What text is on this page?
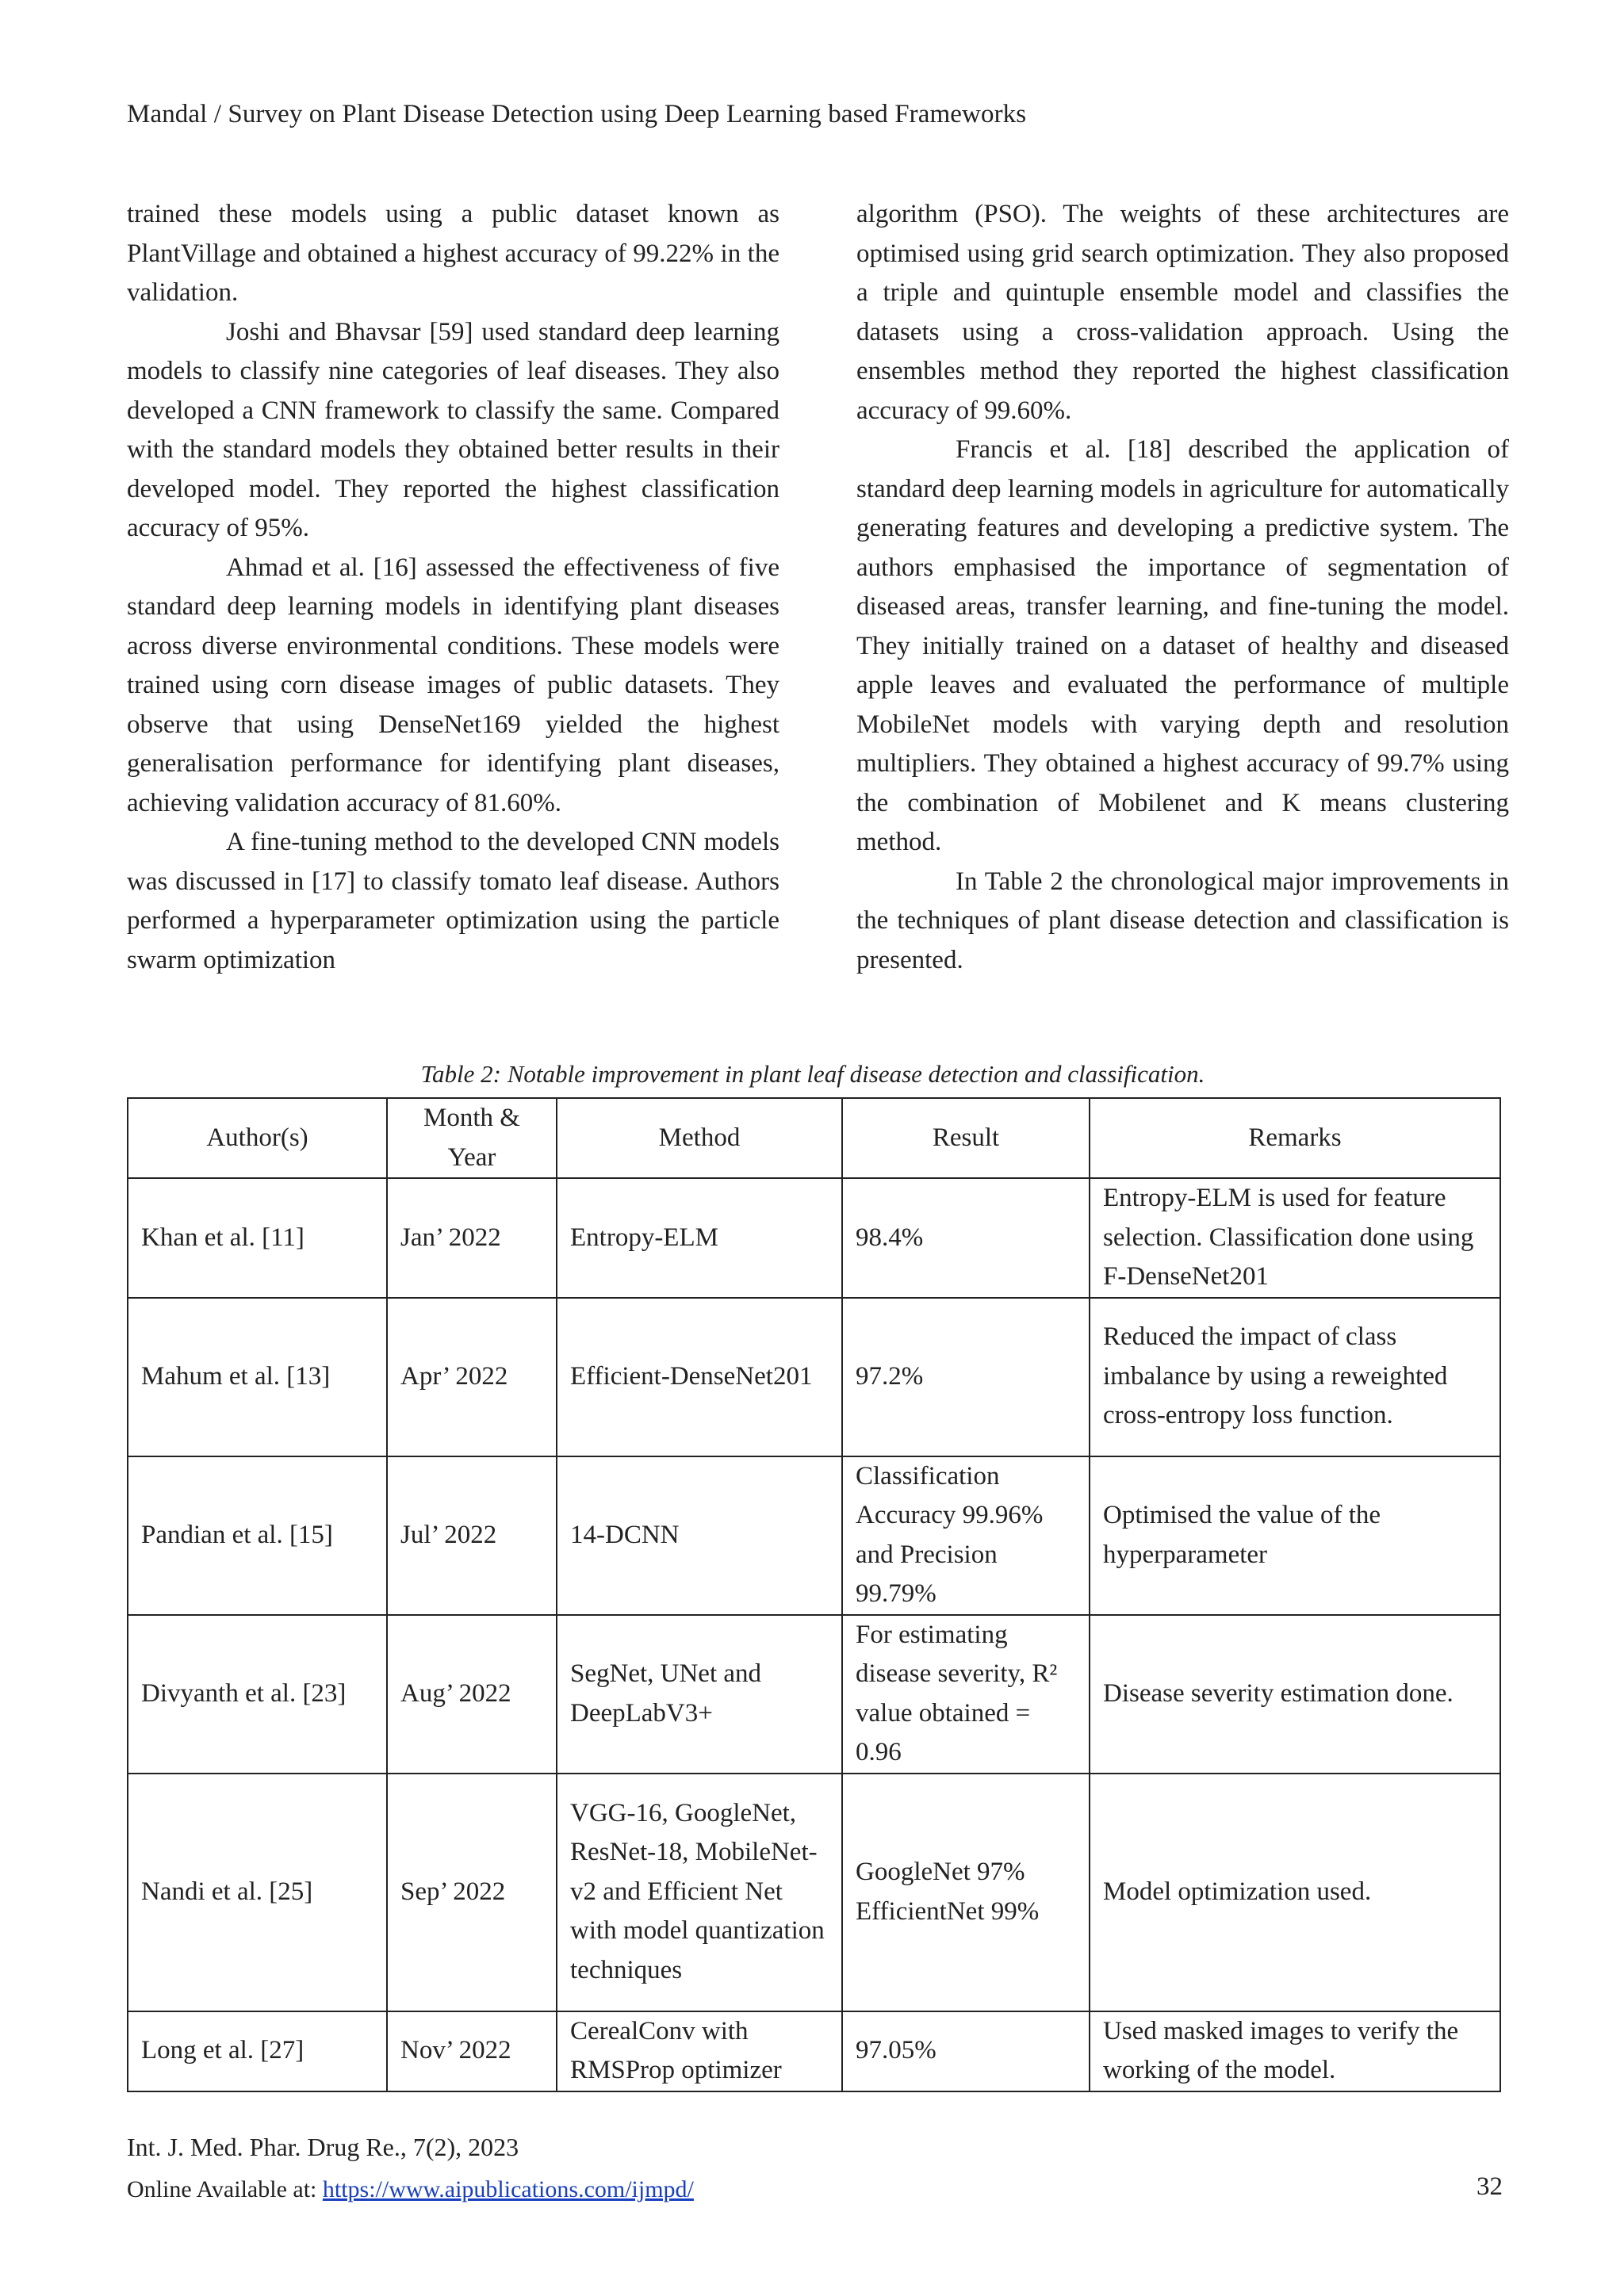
Mandal / Survey on Plant Disease Detection using Deep Learning based Frameworks

trained these models using a public dataset known as PlantVillage and obtained a highest accuracy of 99.22% in the validation.

Joshi and Bhavsar [59] used standard deep learning models to classify nine categories of leaf diseases. They also developed a CNN framework to classify the same. Compared with the standard models they obtained better results in their developed model. They reported the highest classification accuracy of 95%.

Ahmad et al. [16] assessed the effectiveness of five standard deep learning models in identifying plant diseases across diverse environmental conditions. These models were trained using corn disease images of public datasets. They observe that using DenseNet169 yielded the highest generalisation performance for identifying plant diseases, achieving validation accuracy of 81.60%.

A fine-tuning method to the developed CNN models was discussed in [17] to classify tomato leaf disease. Authors performed a hyperparameter optimization using the particle swarm optimization

algorithm (PSO). The weights of these architectures are optimised using grid search optimization. They also proposed a triple and quintuple ensemble model and classifies the datasets using a cross-validation approach. Using the ensembles method they reported the highest classification accuracy of 99.60%.

Francis et al. [18] described the application of standard deep learning models in agriculture for automatically generating features and developing a predictive system. The authors emphasised the importance of segmentation of diseased areas, transfer learning, and fine-tuning the model. They initially trained on a dataset of healthy and diseased apple leaves and evaluated the performance of multiple MobileNet models with varying depth and resolution multipliers. They obtained a highest accuracy of 99.7% using the combination of Mobilenet and K means clustering method.

In Table 2 the chronological major improvements in the techniques of plant disease detection and classification is presented.

Table 2: Notable improvement in plant leaf disease detection and classification.
Author(s)	Month & Year	Method	Result	Remarks
Khan et al. [11]	Jan’ 2022	Entropy-ELM	98.4%	Entropy-ELM is used for feature selection. Classification done using F-DenseNet201
Mahum et al. [13]	Apr’ 2022	Efficient-DenseNet201	97.2%	Reduced the impact of class imbalance by using a reweighted cross-entropy loss function.
Pandian et al. [15]	Jul’ 2022	14-DCNN	Classification Accuracy 99.96% and Precision 99.79%	Optimised the value of the hyperparameter
Divyanth et al. [23]	Aug’ 2022	SegNet, UNet and DeepLabV3+	For estimating disease severity, R² value obtained = 0.96	Disease severity estimation done.
Nandi et al. [25]	Sep’ 2022	VGG-16, GoogleNet, ResNet-18, MobileNet-v2 and Efficient Net with model quantization techniques	GoogleNet 97% EfficientNet 99%	Model optimization used.
Long et al. [27]	Nov’ 2022	CerealConv with RMSProp optimizer	97.05%	Used masked images to verify the working of the model.
Int. J. Med. Phar. Drug Re., 7(2), 2023
Online Available at: https://www.aipublications.com/ijmpd/	32
